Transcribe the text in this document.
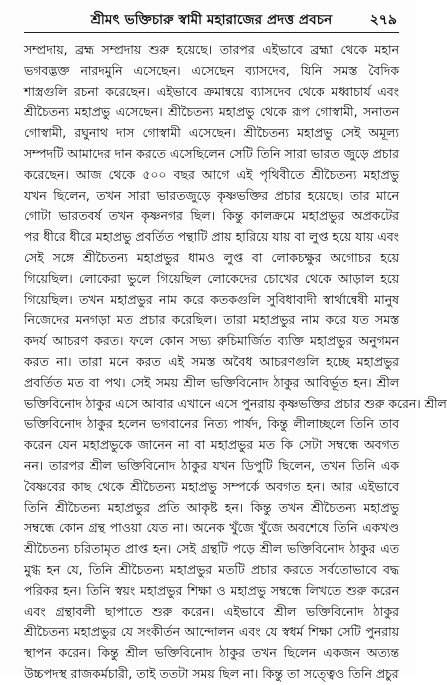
শ্রীমৎ ভক্তিচারু স্বামী মহারাজের প্রদত্ত প্রবচন	২৭৯
সম্প্রদায়, ব্রহ্ম সম্প্রদায় শুরু হয়েছে। তারপর এইভাবে ব্রহ্মা থেকে মহান
ভগবদ্ভক্ত নারদমুনি এসেছেন। এসেছেন ব্যাসদেব, যিনি সমস্ত বৈদিক
শাস্ত্রগুলি রচনা করেছেন। এইভাবে ক্রমান্বয়ে ব্যাসদেব থেকে মধ্বাচার্য এবং
শ্রীচৈতন্য মহাপ্রভু এসেছেন। শ্রীচৈতন্য মহাপ্রভু থেকে রূপ গোস্বামী, সনাতন
গোস্বামী, রঘুনাথ দাস গোস্বামী এসেছেন। শ্রীচৈতন্য মহাপ্রভু সেই অমূল্য
সম্পদটি আমাদের দান করতে এসেছিলেন সেটি তিনি সারা ভারত জুড়ে প্রচার
করেছেন। আজ থেকে ৫০০ বছর আগে এই পৃথিবীতে শ্রীচৈতন্য মহাপ্রভু
যখন ছিলেন, তখন সারা ভারতজুড়ে কৃষ্ণভক্তির প্রচার হয়েছে। তার মানে
গোটা ভারতবর্ষ তখন কৃষ্ণনগর ছিল। কিন্তু কালক্রমে মহাপ্রভুর অপ্রকটের
পর ধীরে ধীরে মহাপ্রভু প্রবর্তিত পন্থাটি প্রায় হারিয়ে যায় বা লুপ্ত হয়ে যায় এবং
সেই সঙ্গে শ্রীচৈতন্য মহাপ্রভুর ধামও লুপ্ত বা লোকচক্ষুর অগোচর হয়ে
গিয়েছিল। লোকেরা ভুলে গিয়েছিল লোকেদের চোখের থেকে আড়াল হয়ে
গিয়েছিল। তখন মহাপ্রভুর নাম করে কতকগুলি সুবিধাবাদী স্বার্থান্বেষী মানুষ
নিজেদের মনগড়া মত প্রচার করেছিল। তারা মহাপ্রভুর নাম করে যত সমস্ত
কদর্য আচরণ করত। ফলে কোন সভ্য রুচিমার্জিত ব্যক্তি মহাপ্রভুর অনুগমন
করত না। তারা মনে করত এই সমস্ত অবৈধ আচরণগুলি হচ্ছে মহাপ্রভুর
প্রবর্তিত মত বা পথ। সেই সময় শ্রীল ভক্তিবিনোদ ঠাকুর আবির্ভূত হন। শ্রীল
ভক্তিবিনোদ ঠাকুর এসে আবার এখানে এসে পুনরায় কৃষ্ণভক্তির প্রচার শুরু করেন। শ্রীল
ভক্তিবিনোদ ঠাকুর হলেন ভগবানের নিত্য পার্ষদ, কিন্তু লীলাচ্ছলে তিনি তাব
করেন যেন মহাপ্রভুকে জানেন না বা মহাপ্রভুর মত কি সেটা সম্বন্ধে অবগত
নন। তারপর শ্রীল ভক্তিবিনোদ ঠাকুর যখন ডিপুটি ছিলেন, তখন তিনি এক
বৈষ্ণবের কাছ থেকে শ্রীচৈতন্য মহাপ্রভু সম্পর্কে অবগত হন। আর এইভাবে
তিনি শ্রীচৈতন্য মহাপ্রভুর প্রতি আকৃষ্ট হন। কিন্তু তখন শ্রীচৈতন্য মহাপ্রভু
সম্বন্ধে কোন গ্রন্থ পাওয়া যেত না। অনেক খুঁজে খুঁজে অবশেষে তিনি একখণ্ড
শ্রীচৈতন্য চরিতামৃত প্রাপ্ত হন। সেই গ্রন্থটি পড়ে শ্রীল ভক্তিবিনোদ ঠাকুর এত
মুগ্ধ হন যে, তিনি শ্রীচৈতন্য মহাপ্রভুর মতটি প্রচার করতে সর্বতোভাবে বদ্ধ
পরিকর হন। তিনি স্বয়ং মহাপ্রভুর শিক্ষা ও মহাপ্রভু সম্বন্ধে লিখতে শুরু করেন
এবং গ্রন্থাবলী ছাপাতে শুরু করেন। এইভাবে শ্রীল ভক্তিবিনোদ ঠাকুর
শ্রীচৈতন্য মহাপ্রভুর যে সংকীর্তন আন্দোলন এবং যে স্বধর্ম শিক্ষা সেটি পুনরায়
স্থাপন করেন। কিন্তু শ্রীল ভক্তিবিনোদ ঠাকুর তখন ছিলেন একজন অত্যন্ত
উচ্চপদস্থ রাজকর্মচারী, তাই ততটা সময় ছিল না। কিন্তু তা সত্ত্বেও তিনি প্রচুর
